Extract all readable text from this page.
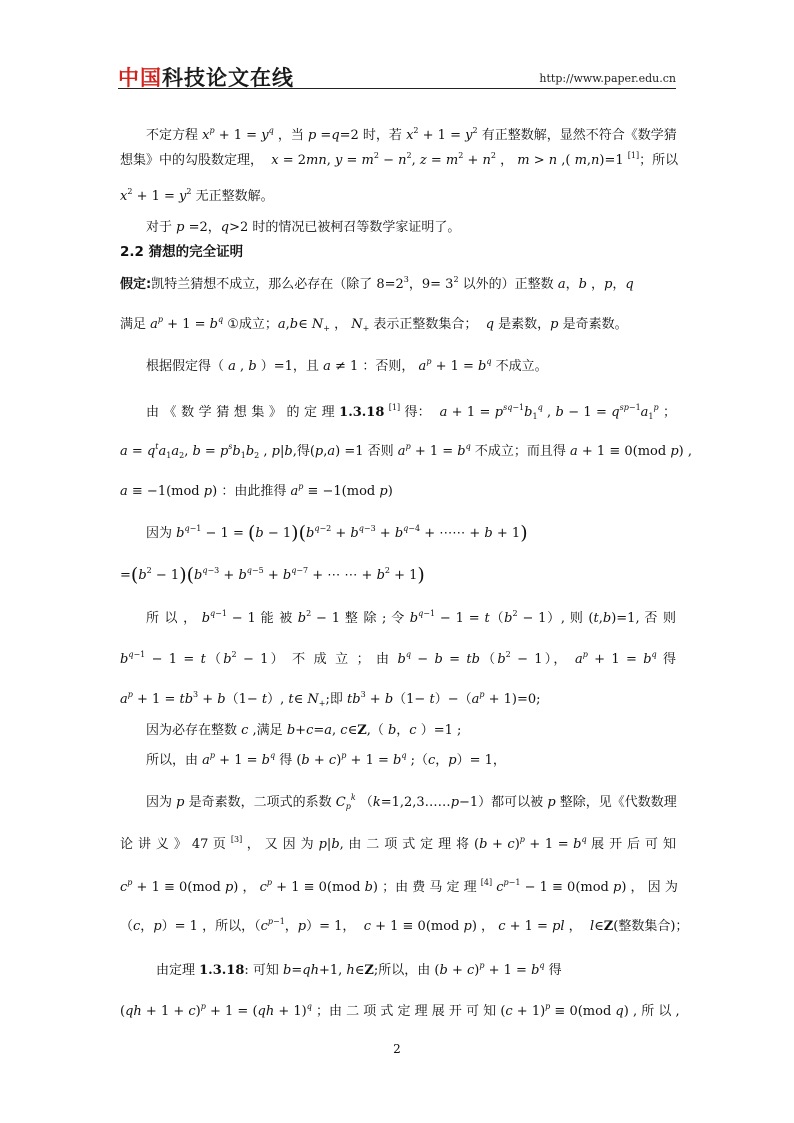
中国科技论文在线	http://www.paper.edu.cn
不定方程 $x^p + 1 = y^q$ ，当 p =q=2 时，若 $x^2 + 1 = y^2$ 有正整数解，显然不符合《数学猜
想集》中的勾股数定理，  x = 2mn, $y = m^2 - n^2$, $z = m^2 + n^2$ ， m > n ,( m,n)=1 [1]；所以
$x^2 + 1 = y^2$ 无正整数解。
对于 p =2，q>2 时的情况已被柯召等数学家证明了。
2.2 猜想的完全证明
假定:凯特兰猜想不成立，那么必存在（除了 $8=2^3$，$9= 3^2$ 以外的）正整数 a，b ，p，q
满足 $a^p + 1 = b^q$ ①成立；a,b∈ $N_+$ ， $N_+$ 表示正整数集合；  q 是素数，p 是奇素数。
根据假定得（ a , b ）=1，且 a ≠ 1 ：否则， $a^p + 1 = b^q$ 不成立。
由 《 数 学 猜 想 集 》 的 定 理 1.3.18 [1] 得：  $a + 1 = p^{sq-1}b_1^q$ , $b - 1 = q^{sp-1}a_1^p$ ；
$a = q^ta_1a_2$, $b = p^sb_1b_2$ , p|b,得(p,a) =1 否则 $a^p + 1 = b^q$ 不成立；而且得 a + 1 ≡ 0(mod p) ,
a ≡ −1(mod p) ：由此推得 $a^p \equiv -1(mod$ p)
因为 $b^{q-1} - 1 = (b - 1)(b^{q-2} + b^{q-3} + b^{q-4}$ + ⋯⋯ + b + 1)
$=(b^2 - 1)(b^{q-3} + b^{q-5} + b^{q-7}$ + ⋯ ⋯ + $b^2 + 1$)
所 以 ， $b^{q-1} - 1$ 能 被 $b^2 - 1$ 整 除 ; 令 $b^{q-1} - 1 = t(b^2 - 1)$, 则 (t,b)=1, 否 则
$b^{q-1} - 1 = t(b^2 - 1)$ 不 成 立 ； 由 $b^q - b = tb(b^2 - 1)$， $a^p + 1 = b^q$ 得
$a^p + 1 = tb^3 + b(1- t)$, t∈ $N_+$;即 $tb^3 + b(1- t)-(a^p + 1)=0$;
因为必存在整数 c ,满足 b+c=a, c∈Z,（ b，c ）=1 ;
所以，由 $a^p + 1 = b^q$ 得 $(b + c)^p + 1 = b^q$ ;（c，p）= 1，
因为 p 是奇素数，二项式的系数 $C_p^k$ （k=1,2,3……p−1）都可以被 p 整除，见《代数数理
论 讲 义 》 47 页 [3] ， 又 因 为 p|b, 由 二 项 式 定 理 将 $(b + c)^p + 1 = b^q$ 展 开 后 可 知
$c^p + 1 \equiv 0(mod$ p) ， $c^p + 1 \equiv 0(mod$ b) ；由 费 马 定 理 [4] $c^{p-1} - 1 \equiv 0(mod$ p) ， 因 为
（c，p）= 1 ，所以，（$c^{p-1}$，p）= 1，  c + 1 ≡ 0(mod p) ， c + 1 = pl ，  l∈Z(整数集合)；
由定理 1.3.18: 可知 b=qh+1, h∈Z;所以，由 $(b + c)^p + 1 = b^q$ 得
(qh + 1 + c)$^p$ + 1 = (qh + 1)$^q$ ；由 二 项 式 定 理 展 开 可 知 $(c + 1)^p \equiv 0(mod$ q) , 所 以 ,
2
